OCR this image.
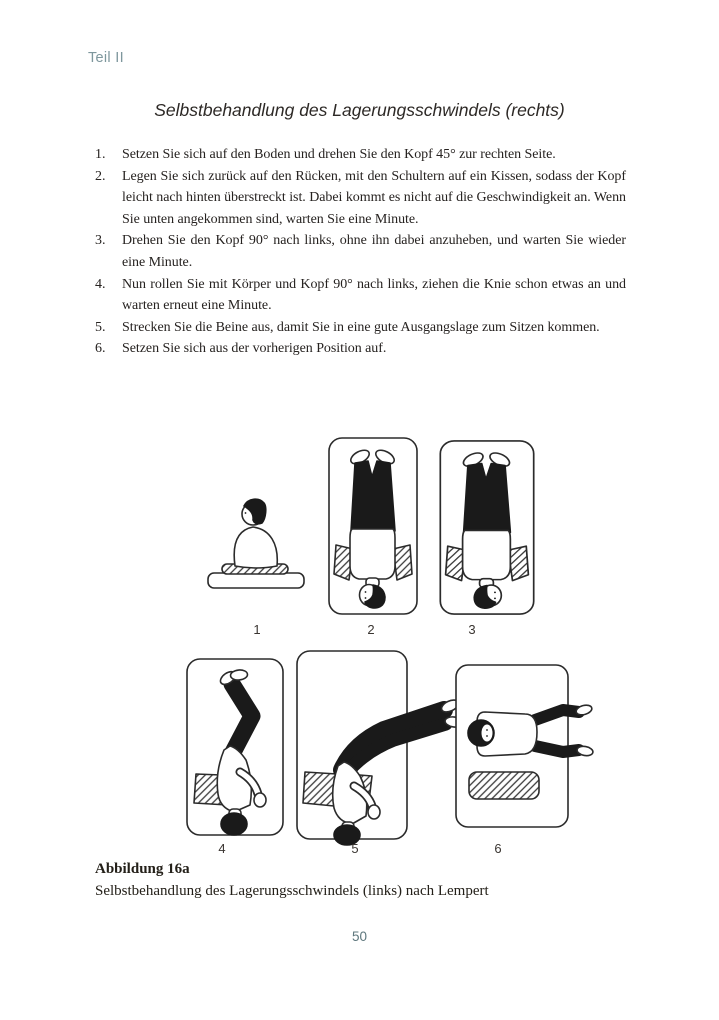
Teil II
Selbstbehandlung des Lagerungsschwindels (rechts)
1.	Setzen Sie sich auf den Boden und drehen Sie den Kopf 45° zur rechten Seite.
2.	Legen Sie sich zurück auf den Rücken, mit den Schultern auf ein Kissen, sodass der Kopf leicht nach hinten überstreckt ist. Dabei kommt es nicht auf die Geschwindigkeit an. Wenn Sie unten angekommen sind, warten Sie eine Minute.
3.	Drehen Sie den Kopf 90° nach links, ohne ihn dabei anzuheben, und warten Sie wieder eine Minute.
4.	Nun rollen Sie mit Körper und Kopf 90° nach links, ziehen die Knie schon etwas an und warten erneut eine Minute.
5.	Strecken Sie die Beine aus, damit Sie in eine gute Ausgangslage zum Sitzen kommen.
6.	Setzen Sie sich aus der vorherigen Position auf.
1	2	3
4	5	6
Abbildung 16a
Selbstbehandlung des Lagerungsschwindels (links) nach Lempert
50
